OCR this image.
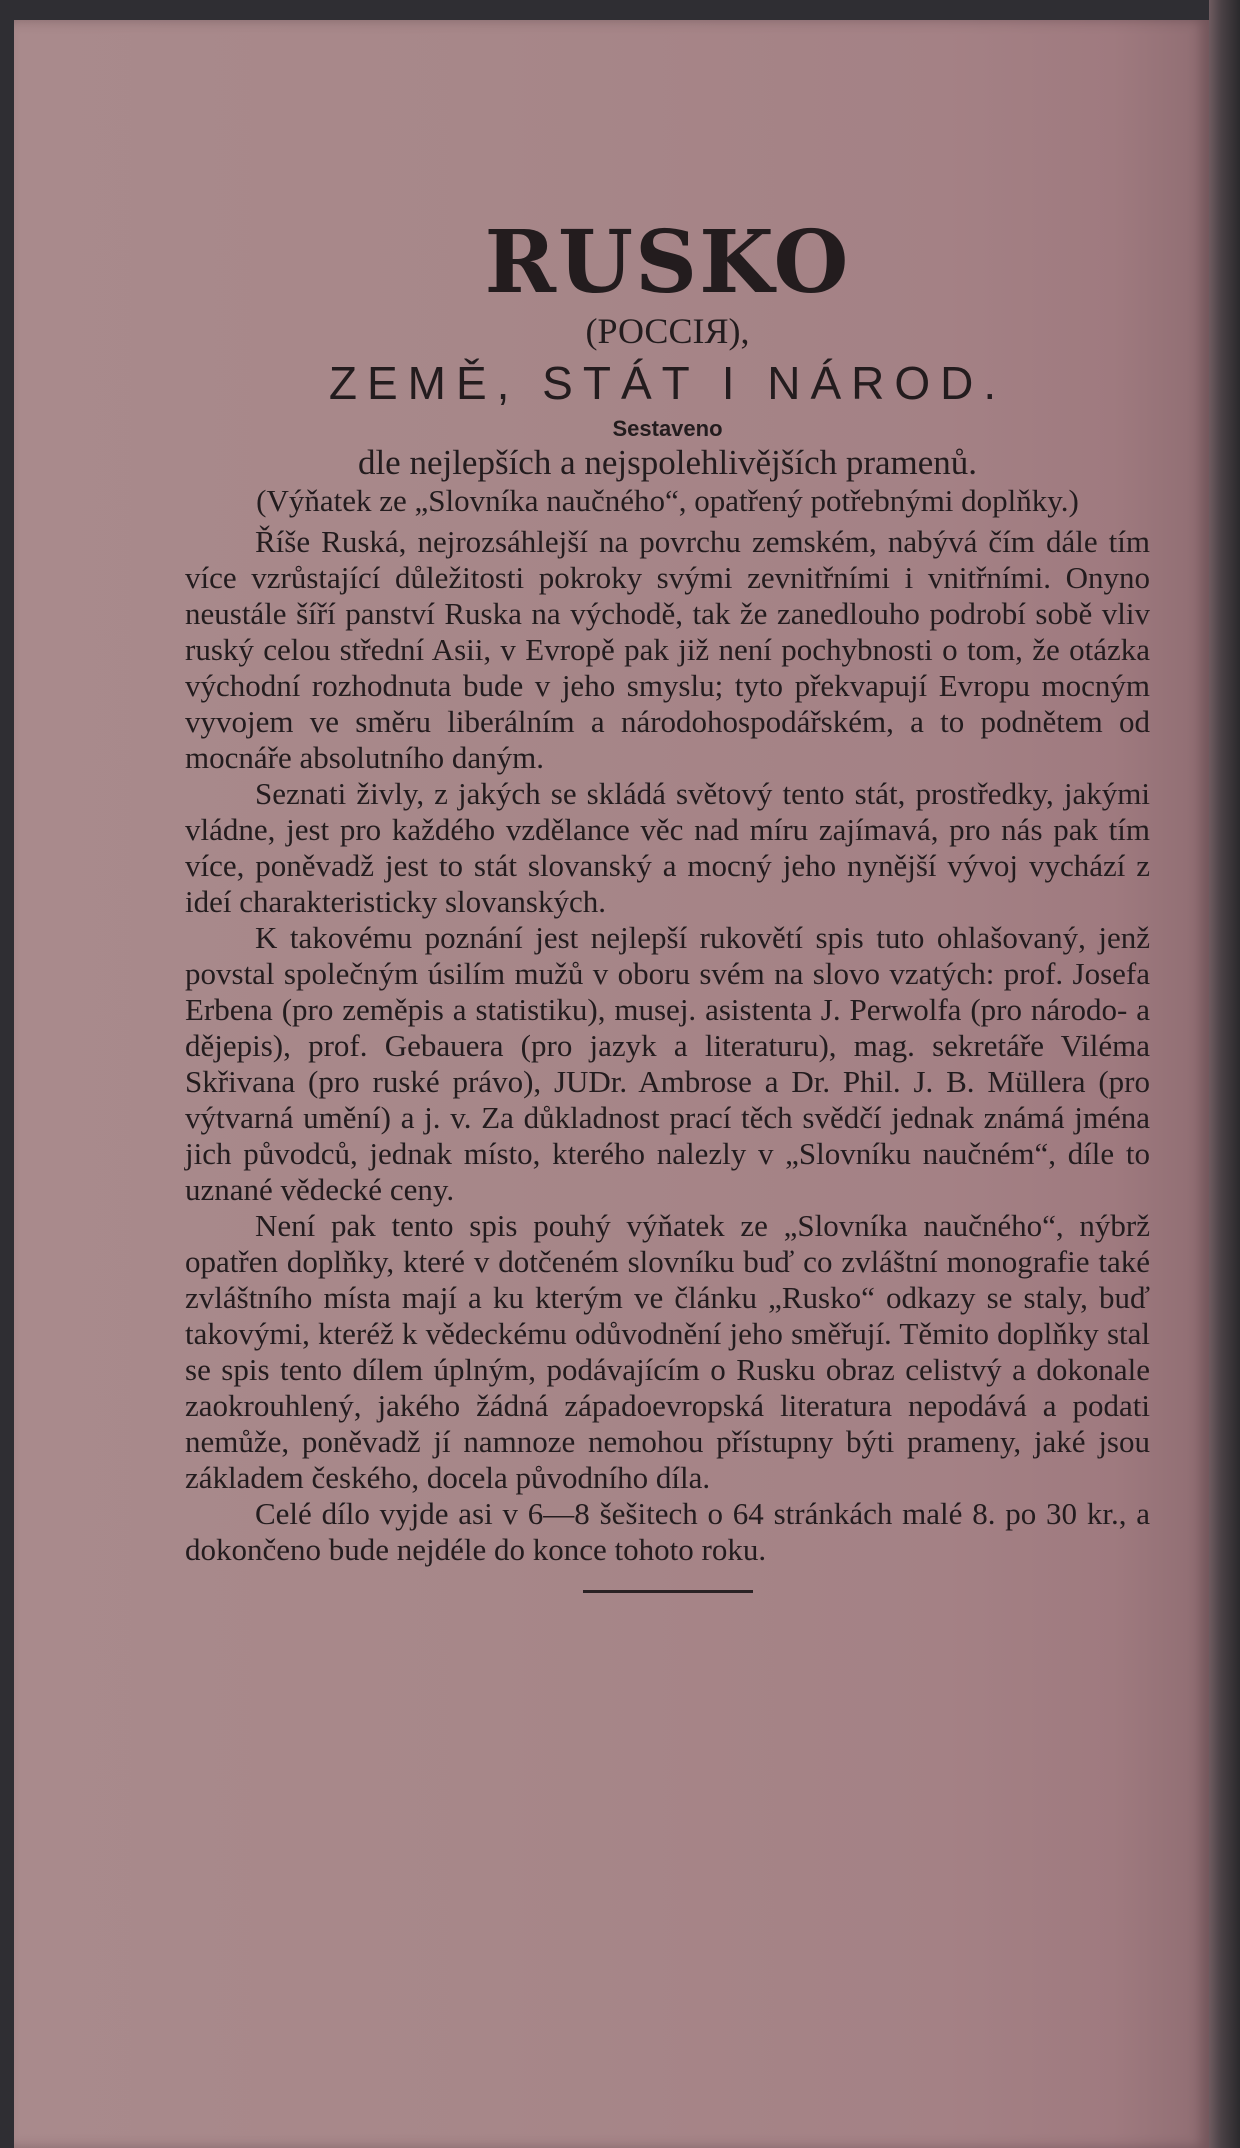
RUSKO
(РОССIЯ),
ZEMĚ, STÁT I NÁROD.
Sestaveno
dle nejlepších a nejspolehlivějších pramenů.
(Výňatek ze „Slovníka naučného“, opatřený potřebnými doplňky.)

Říše Ruská, nejrozsáhlejší na povrchu zemském, nabývá čím dále tím více vzrůstající důležitosti pokroky svými zevnitřními i vnitřními. Onyno neustále šíří panství Ruska na východě, tak že zanedlouho podrobí sobě vliv ruský celou střední Asii, v Evropě pak již není pochybnosti o tom, že otázka východní rozhodnuta bude v jeho smyslu; tyto překvapují Evropu mocným vyvojem ve směru liberálním a národohospodářském, a to podnětem od mocnáře absolutního daným.

Seznati živly, z jakých se skládá světový tento stát, prostředky, jakými vládne, jest pro každého vzdělance věc nad míru zajímavá, pro nás pak tím více, poněvadž jest to stát slovanský a mocný jeho nynější vývoj vychází z ideí charakteristicky slovanských.

K takovému poznání jest nejlepší rukovětí spis tuto ohlašovaný, jenž povstal společným úsilím mužů v oboru svém na slovo vzatých: prof. Josefa Erbena (pro zeměpis a statistiku), musej. asistenta J. Perwolfa (pro národo- a dějepis), prof. Gebauera (pro jazyk a literaturu), mag. sekretáře Viléma Skřivana (pro ruské právo), JUDr. Ambrose a Dr. Phil. J. B. Müllera (pro výtvarná umění) a j. v. Za důkladnost prací těch svědčí jednak známá jména jich původců, jednak místo, kterého nalezly v „Slovníku naučném“, díle to uznané vědecké ceny.

Není pak tento spis pouhý výňatek ze „Slovníka naučného“, nýbrž opatřen doplňky, které v dotčeném slovníku buď co zvláštní monografie také zvláštního místa mají a ku kterým ve článku „Rusko“ odkazy se staly, buď takovými, kteréž k vědeckému odůvodnění jeho směřují. Těmito doplňky stal se spis tento dílem úplným, podávajícím o Rusku obraz celistvý a dokonale zaokrouhlený, jakého žádná západoevropská literatura nepodává a podati nemůže, poněvadž jí namnoze nemohou přístupny býti prameny, jaké jsou základem českého, docela původního díla.

Celé dílo vyjde asi v 6—8 šešitech o 64 stránkách malé 8. po 30 kr., a dokončeno bude nejdéle do konce tohoto roku.
